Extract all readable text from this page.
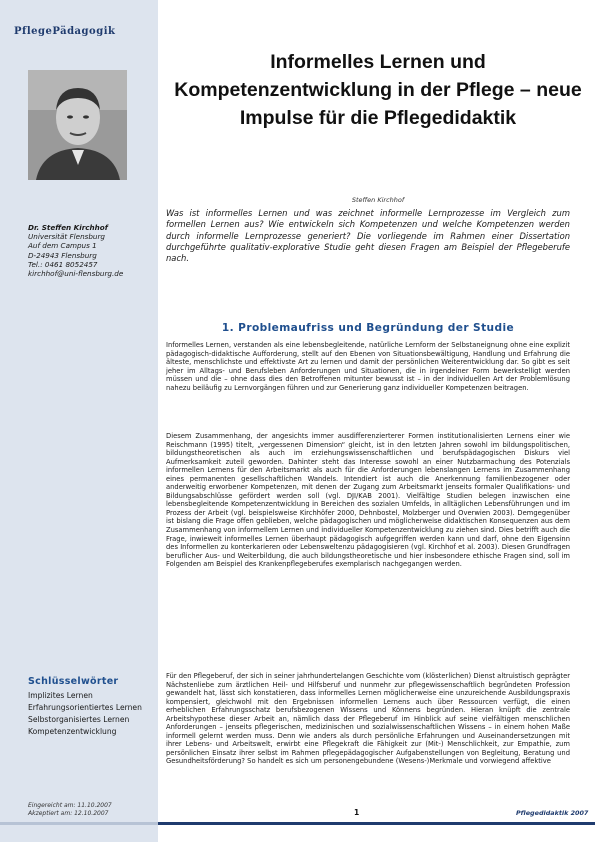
PflegePädagogik
Dr. Steffen Kirchhof
Universität Flensburg
Auf dem Campus 1
D-24943 Flensburg
Tel.: 0461 8052457
kirchhof@uni-flensburg.de
Schlüsselwörter
Implizites Lernen
Erfahrungsorientiertes Lernen
Selbstorganisiertes Lernen
Kompetenzentwicklung
Eingereicht am: 11.10.2007
Akzeptiert am: 12.10.2007
Informelles Lernen und Kompetenzentwicklung in der Pflege – neue Impulse für die Pflegedidaktik
Steffen Kirchhof
Was ist informelles Lernen und was zeichnet informelle Lernprozesse im Vergleich zum formellen Lernen aus? Wie entwickeln sich Kompetenzen und welche Kompetenzen werden durch informelle Lernprozesse generiert? Die vorliegende im Rahmen einer Dissertation durchgeführte qualitativ-explorative Studie geht diesen Fragen am Beispiel der Pflegeberufe nach.
1. Problemaufriss und Begründung der Studie

Informelles Lernen, verstanden als eine lebensbegleitende, natürliche Lernform der Selbstaneignung ohne eine explizit pädagogisch-didaktische Aufforderung, stellt auf den Ebenen von Situationsbewältigung, Handlung und Erfahrung die älteste, menschlichste und effektivste Art zu lernen und damit der persönlichen Weiterentwicklung dar. So gibt es seit jeher im Alltags- und Berufsleben Anforderungen und Situationen, die in irgendeiner Form bewerkstelligt werden müssen und die – ohne dass dies den Betroffenen mitunter bewusst ist – in der individuellen Art der Problemlösung nahezu beiläufig zu Lernvorgängen führen und zur Generierung ganz individueller Kompetenzen beitragen.

Diesem Zusammenhang, der angesichts immer ausdifferenzierterer Formen institutionalisierten Lernens einer wie Reischmann (1995) titelt, „vergessenen Dimension“ gleicht, ist in den letzten Jahren sowohl im bildungspolitischen, bildungstheoretischen als auch im erziehungswissenschaftlichen und berufspädagogischen Diskurs viel Aufmerksamkeit zuteil geworden. Dahinter steht das Interesse sowohl an einer Nutzbarmachung des Potenzials informellen Lernens für den Arbeitsmarkt als auch für die Anforderungen lebenslangen Lernens im Zusammenhang eines permanenten gesellschaftlichen Wandels. Intendiert ist auch die Anerkennung familienbezogener oder anderweitig erworbener Kompetenzen, mit denen der Zugang zum Arbeitsmarkt jenseits formaler Qualifikations- und Bildungsabschlüsse gefördert werden soll (vgl. DJI/KAB 2001). Vielfältige Studien belegen inzwischen eine lebensbegleitende Kompetenzentwicklung in Bereichen des sozialen Umfelds, in alltäglichen Lebensführungen und im Prozess der Arbeit (vgl. beispielsweise Kirchhöfer 2000, Dehnbostel, Molzberger und Overwien 2003). Demgegenüber ist bislang die Frage offen geblieben, welche pädagogischen und möglicherweise didaktischen Konsequenzen aus dem Zusammenhang von informellem Lernen und individueller Kompetenzentwicklung zu ziehen sind. Dies betrifft auch die Frage, inwieweit informelles Lernen überhaupt pädagogisch aufgegriffen werden kann und darf, ohne den Eigensinn des Informellen zu konterkarieren oder Lebensweltenzu pädagogisieren (vgl. Kirchhof et al. 2003). Diesen Grundfragen beruflicher Aus- und Weiterbildung, die auch bildungstheoretische und hier insbesondere ethische Fragen sind, soll im Folgenden am Beispiel des Krankenpflegeberufes exemplarisch nachgegangen werden.

Für den Pflegeberuf, der sich in seiner jahrhundertelangen Geschichte vom (klösterlichen) Dienst altruistisch geprägter Nächstenliebe zum ärztlichen Heil- und Hilfsberuf und nunmehr zur pflegewissenschaftlich begründeten Profession gewandelt hat, lässt sich konstatieren, dass informelles Lernen möglicherweise eine unzureichende Ausbildungspraxis kompensiert, gleichwohl mit den Ergebnissen informellen Lernens auch über Ressourcen verfügt, die einen erheblichen Erfahrungsschatz berufsbezogenen Wissens und Könnens begründen. Hieran knüpft die zentrale Arbeitshypothese dieser Arbeit an, nämlich dass der Pflegeberuf im Hinblick auf seine vielfältigen menschlichen Anforderungen – jenseits pflegerischen, medizinischen und sozialwissenschaftlichen Wissens – in einem hohen Maße informell gelernt werden muss. Denn wie anders als durch persönliche Erfahrungen und Auseinandersetzungen mit ihrer Lebens- und Arbeitswelt, erwirbt eine Pflegekraft die Fähigkeit zur (Mit-) Menschlichkeit, zur Empathie, zum persönlichen Einsatz ihrer selbst im Rahmen pflegepädagogischer Aufgabenstellungen von Begleitung, Beratung und Gesundheitsförderung? So handelt es sich um personengebundene (Wesens-)Merkmale und vorwiegend affektive

1	Pflegedidaktik 2007
